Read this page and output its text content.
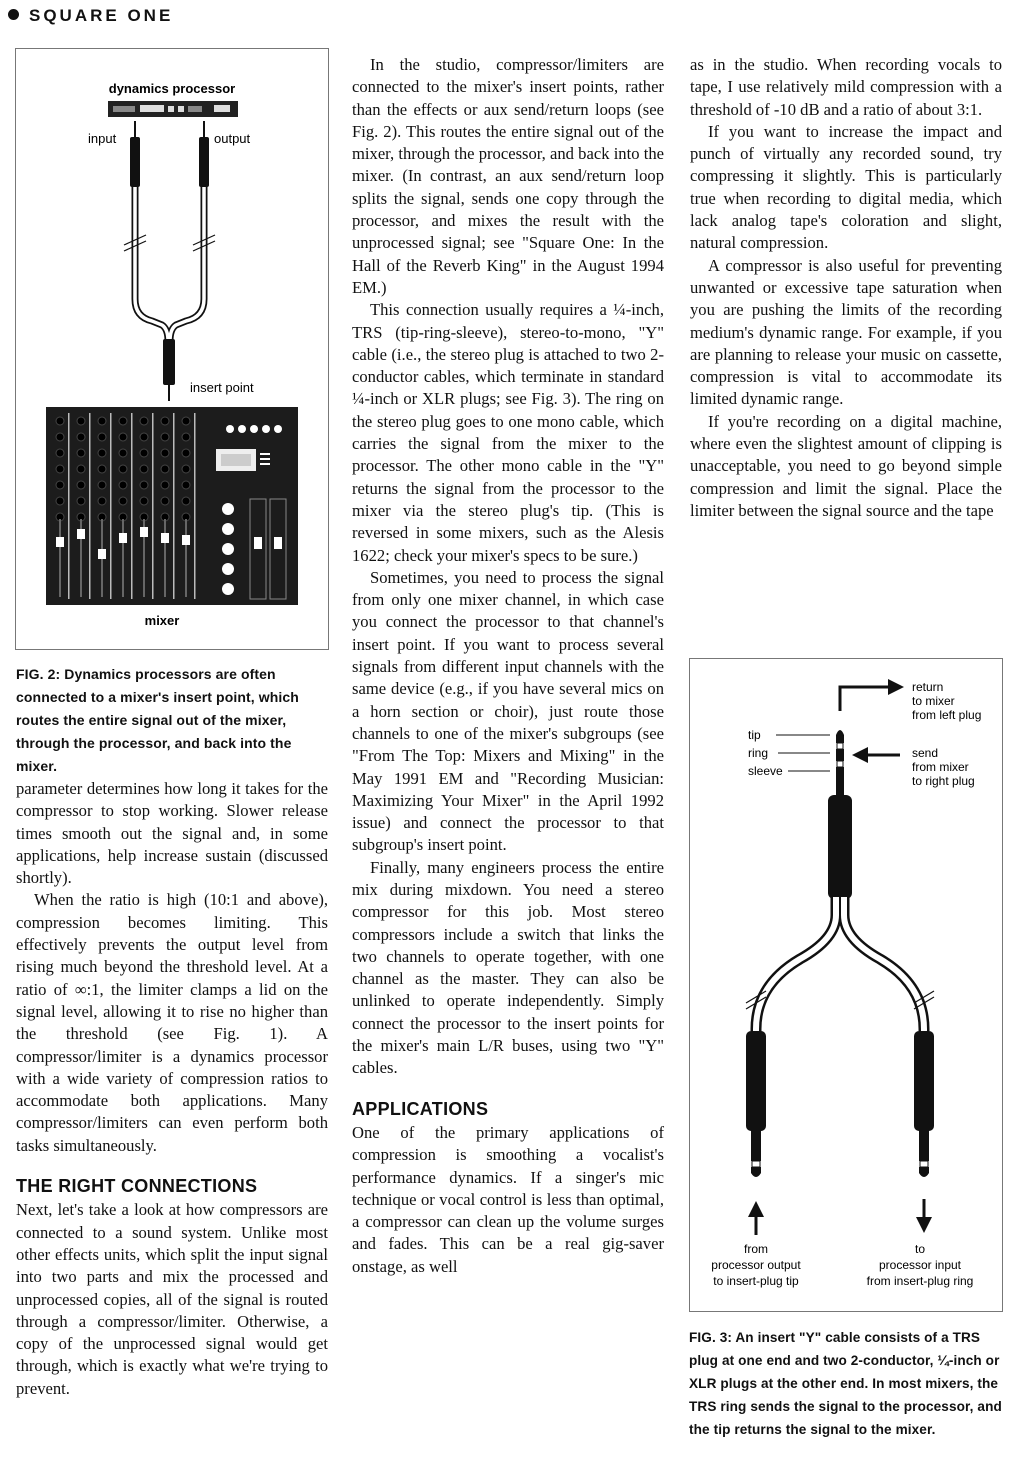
SQUARE ONE
dynamics processor
input	output
insert point
mixer
FIG. 2: Dynamics processors are often connected to a mixer's insert point, which routes the entire signal out of the mixer, through the processor, and back into the mixer.

parameter determines how long it takes for the compressor to stop working. Slower release times smooth out the signal and, in some applications, help increase sustain (discussed shortly).

When the ratio is high (10:1 and above), compression becomes limiting. This effectively prevents the output level from rising much beyond the threshold level. At a ratio of ∞:1, the limiter clamps a lid on the signal level, allowing it to rise no higher than the threshold (see Fig. 1). A compressor/limiter is a dynamics processor with a wide variety of compression ratios to accommodate both applications. Many compressor/limiters can even perform both tasks simultaneously.

THE RIGHT CONNECTIONS

Next, let's take a look at how compressors are connected to a sound system. Unlike most other effects units, which split the input signal into two parts and mix the processed and unprocessed copies, all of the signal is routed through a compressor/limiter. Otherwise, a copy of the unprocessed signal would get through, which is exactly what we're trying to prevent.

In the studio, compressor/limiters are connected to the mixer's insert points, rather than the effects or aux send/return loops (see Fig. 2). This routes the entire signal out of the mixer, through the processor, and back into the mixer. (In contrast, an aux send/return loop splits the signal, sends one copy through the processor, and mixes the result with the unprocessed signal; see "Square One: In the Hall of the Reverb King" in the August 1994 EM.)

This connection usually requires a ¼-inch, TRS (tip-ring-sleeve), stereo-to-mono, "Y" cable (i.e., the stereo plug is attached to two 2-conductor cables, which terminate in standard ¼-inch or XLR plugs; see Fig. 3). The ring on the stereo plug goes to one mono cable, which carries the signal from the mixer to the processor. The other mono cable in the "Y" returns the signal from the processor to the mixer via the stereo plug's tip. (This is reversed in some mixers, such as the Alesis 1622; check your mixer's specs to be sure.)

Sometimes, you need to process the signal from only one mixer channel, in which case you connect the processor to that channel's insert point. If you want to process several signals from different input channels with the same device (e.g., if you have several mics on a horn section or choir), just route those channels to one of the mixer's subgroups (see "From The Top: Mixers and Mixing" in the May 1991 EM and "Recording Musician: Maximizing Your Mixer" in the April 1992 issue) and connect the processor to that subgroup's insert point.

Finally, many engineers process the entire mix during mixdown. You need a stereo compressor for this job. Most stereo compressors include a switch that links the two channels to operate together, with one channel as the master. They can also be unlinked to operate independently. Simply connect the processor to the insert points for the mixer's main L/R buses, using two "Y" cables.

APPLICATIONS

One of the primary applications of compression is smoothing a vocalist's performance dynamics. If a singer's mic technique or vocal control is less than optimal, a compressor can clean up the volume surges and fades. This can be a real gig-saver onstage, as well

as in the studio. When recording vocals to tape, I use relatively mild compression with a threshold of -10 dB and a ratio of about 3:1.

If you want to increase the impact and punch of virtually any recorded sound, try compressing it slightly. This is particularly true when recording to digital media, which lack analog tape's coloration and slight, natural compression.

A compressor is also useful for preventing unwanted or excessive tape saturation when you are pushing the limits of the recording medium's dynamic range. For example, if you are planning to release your music on cassette, compression is vital to accommodate its limited dynamic range.

If you're recording on a digital machine, where even the slightest amount of clipping is unacceptable, you need to go beyond simple compression and limit the signal. Place the limiter between the signal source and the tape

return
to mixer
from left plug
tip
ring
sleeve
send
from mixer
to right plug
from
processor output
to insert-plug tip
to
processor input
from insert-plug ring
FIG. 3: An insert "Y" cable consists of a TRS plug at one end and two 2-conductor, ¼-inch or XLR plugs at the other end. In most mixers, the TRS ring sends the signal to the processor, and the tip returns the signal to the mixer.
